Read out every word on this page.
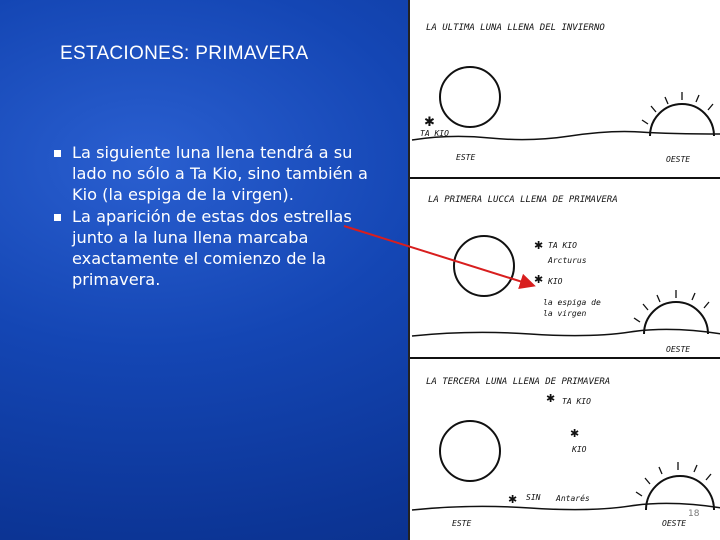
ESTACIONES: PRIMAVERA
La siguiente luna llena tendrá a su lado no sólo a Ta Kio, sino también a Kio (la espiga de la virgen).
La aparición de estas dos estrellas junto a la luna llena marcaba exactamente el comienzo de la primavera.
LA ULTIMA LUNA LLENA DEL INVIERNO
✱
TA KIO
ESTE	OESTE
LA PRIMERA LUCCA LLENA DE PRIMAVERA
✱ TA KIO
Arcturus
✱ KIO
la espiga de
la virgen
OESTE
LA TERCERA LUNA LLENA DE PRIMAVERA
✱ TA KIO
✱
KIO
✱ SIN Antarés
ESTE	OESTE
18
